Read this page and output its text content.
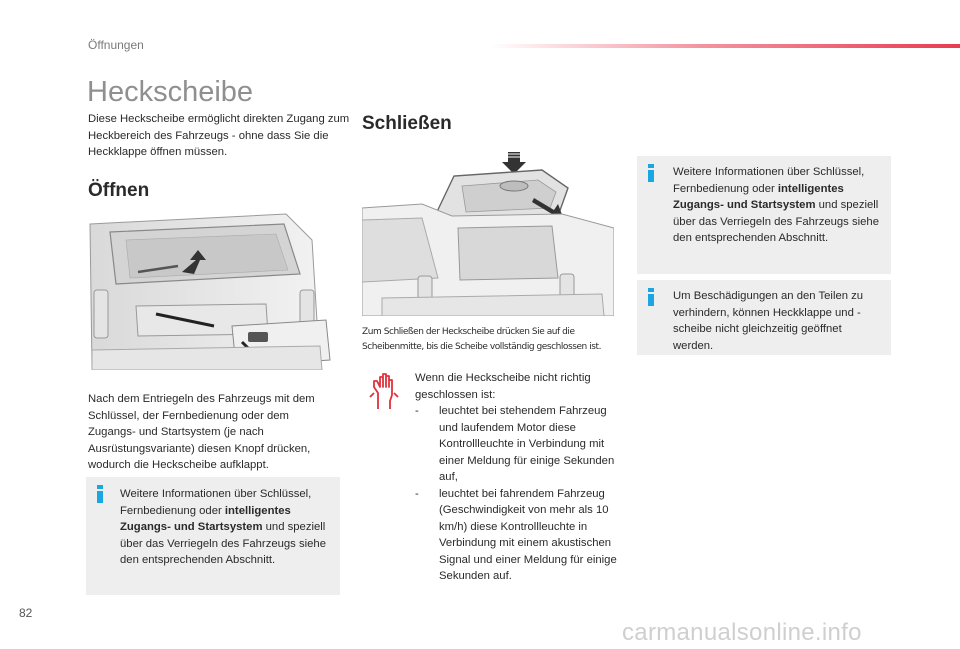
Öffnungen
Heckscheibe
Diese Heckscheibe ermöglicht direkten Zugang zum Heckbereich des Fahrzeugs - ohne dass Sie die Heckklappe öffnen müssen.
Öffnen
Nach dem Entriegeln des Fahrzeugs mit dem Schlüssel, der Fernbedienung oder dem Zugangs- und Startsystem (je nach Ausrüstungsvariante) diesen Knopf drücken, wodurch die Heckscheibe aufklappt.
Weitere Informationen über Schlüssel, Fernbedienung oder intelligentes Zugangs- und Startsystem und speziell über das Verriegeln des Fahrzeugs siehe den entsprechenden Abschnitt.
Schließen
Zum Schließen der Heckscheibe drücken Sie auf die Scheibenmitte, bis die Scheibe vollständig geschlossen ist.
Wenn die Heckscheibe nicht richtig geschlossen ist:
- leuchtet bei stehendem Fahrzeug und laufendem Motor diese Kontrollleuchte in Verbindung mit einer Meldung für einige Sekunden auf,
- leuchtet bei fahrendem Fahrzeug (Geschwindigkeit von mehr als 10 km/h) diese Kontrollleuchte in Verbindung mit einem akustischen Signal und einer Meldung für einige Sekunden auf.
Weitere Informationen über Schlüssel, Fernbedienung oder intelligentes Zugangs- und Startsystem und speziell über das Verriegeln des Fahrzeugs siehe den entsprechenden Abschnitt.
Um Beschädigungen an den Teilen zu verhindern, können Heckklappe und -scheibe nicht gleichzeitig geöffnet werden.
82
carmanualsonline.info
